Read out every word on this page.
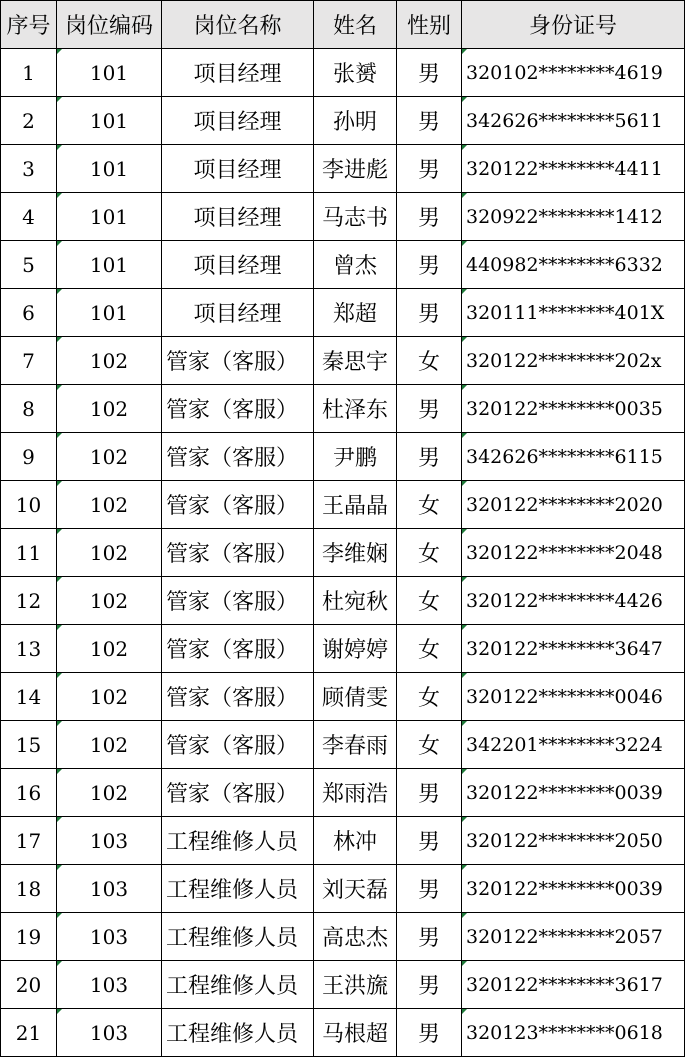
序号	岗位编码	岗位名称	姓名	性别	身份证号
1	101	项目经理	张赟	男	320102********4619
2	101	项目经理	孙明	男	342626********5611
3	101	项目经理	李进彪	男	320122********4411
4	101	项目经理	马志书	男	320922********1412
5	101	项目经理	曾杰	男	440982********6332
6	101	项目经理	郑超	男	320111********401X
7	102	管家（客服）	秦思宇	女	320122********202x
8	102	管家（客服）	杜泽东	男	320122********0035
9	102	管家（客服）	尹鹏	男	342626********6115
10	102	管家（客服）	王晶晶	女	320122********2020
11	102	管家（客服）	李维娴	女	320122********2048
12	102	管家（客服）	杜宛秋	女	320122********4426
13	102	管家（客服）	谢婷婷	女	320122********3647
14	102	管家（客服）	顾倩雯	女	320122********0046
15	102	管家（客服）	李春雨	女	342201********3224
16	102	管家（客服）	郑雨浩	男	320122********0039
17	103	工程维修人员	林冲	男	320122********2050
18	103	工程维修人员	刘天磊	男	320122********0039
19	103	工程维修人员	高忠杰	男	320122********2057
20	103	工程维修人员	王洪旒	男	320122********3617
21	103	工程维修人员	马根超	男	320123********0618
